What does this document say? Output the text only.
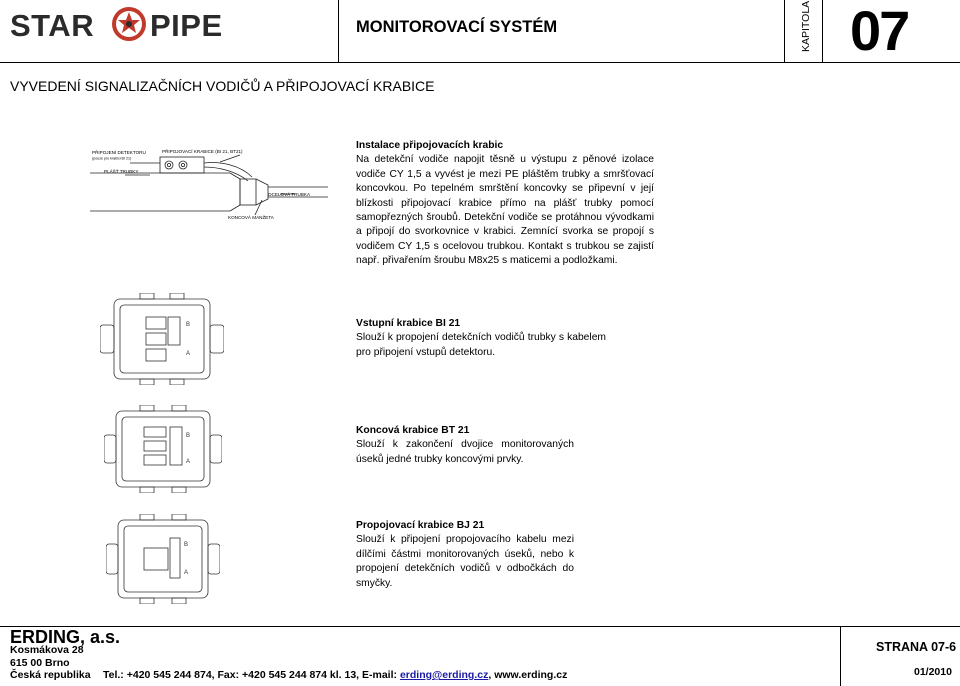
STAR PIPE	MONITOROVACÍ SYSTÉM	KAPITOLA 07
VYVEDENÍ SIGNALIZAČNÍCH VODIČŮ A PŘIPOJOVACÍ KRABICE
PŘIPOJENÍ DETEKTORU
(pouze pro krabici BI 21)
PLÁŠŤ TRUBKY
PŘIPOJOVACÍ KRABICE (BI 21, BT21)
OCELOVÁ TRUBKA
KONCOVÁ MANŽETA
Instalace připojovacích krabic
Na detekční vodiče napojit těsně u výstupu z pěnové izolace vodiče CY 1,5 a vyvést je mezi PE pláštěm trubky a smršťovací koncovkou. Po tepelném smrštění koncovky se připevní v její blízkosti připojovací krabice přímo na plášť trubky pomocí samopřezných šroubů. Detekční vodiče se protáhnou vývodkami a připojí do svorkovnice v krabici. Zemnící svorka se propojí s vodičem CY 1,5 s ocelovou trubkou. Kontakt s trubkou se zajistí např. přivařením šroubu M8x25 s maticemi a podložkami.
B
A
B
A
B
A
Vstupní krabice BI 21
Slouží k propojení detekčních vodičů trubky s kabelem pro připojení vstupů detektoru.
Koncová krabice BT 21
Slouží k zakončení dvojice monitorovaných úseků jedné trubky koncovými prvky.
Propojovací krabice BJ 21
Slouží k připojení propojovacího kabelu mezi dílčími částmi monitorovaných úseků, nebo k propojení detekčních vodičů v odbočkách do smyčky.
ERDING, a.s.
Kosmákova 28
615 00 Brno
Česká republika Tel.: +420 545 244 874, Fax: +420 545 244 874 kl. 13, E-mail: erding@erding.cz, www.erding.cz
STRANA 07-6
01/2010
